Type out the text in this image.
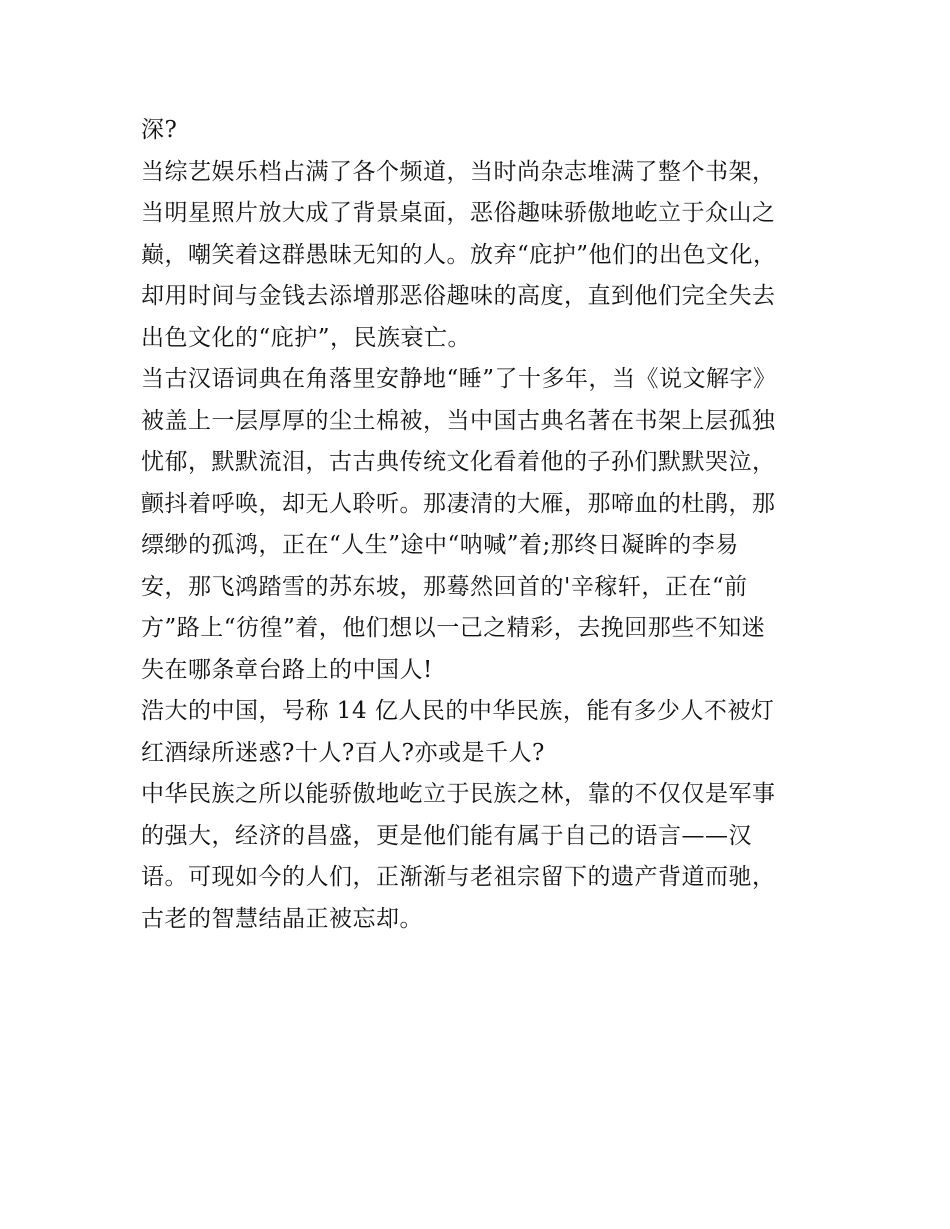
深?
当综艺娱乐档占满了各个频道，当时尚杂志堆满了整个书架，
当明星照片放大成了背景桌面，恶俗趣味骄傲地屹立于众山之
巅，嘲笑着这群愚昧无知的人。放弃“庇护”他们的出色文化，
却用时间与金钱去添增那恶俗趣味的高度，直到他们完全失去
出色文化的“庇护”，民族衰亡。
当古汉语词典在角落里安静地“睡”了十多年，当《说文解字》
被盖上一层厚厚的尘土棉被，当中国古典名著在书架上层孤独
忧郁，默默流泪，古古典传统文化看着他的子孙们默默哭泣，
颤抖着呼唤，却无人聆听。那凄清的大雁，那啼血的杜鹃，那
缥缈的孤鸿，正在“人生”途中“呐喊”着;那终日凝眸的李易
安，那飞鸿踏雪的苏东坡，那蓦然回首的'辛稼轩，正在“前
方”路上“彷徨”着，他们想以一己之精彩，去挽回那些不知迷
失在哪条章台路上的中国人!
浩大的中国，号称 14 亿人民的中华民族，能有多少人不被灯
红酒绿所迷惑?十人?百人?亦或是千人?
中华民族之所以能骄傲地屹立于民族之林，靠的不仅仅是军事
的强大，经济的昌盛，更是他们能有属于自己的语言——汉
语。可现如今的人们，正渐渐与老祖宗留下的遗产背道而驰，
古老的智慧结晶正被忘却。
